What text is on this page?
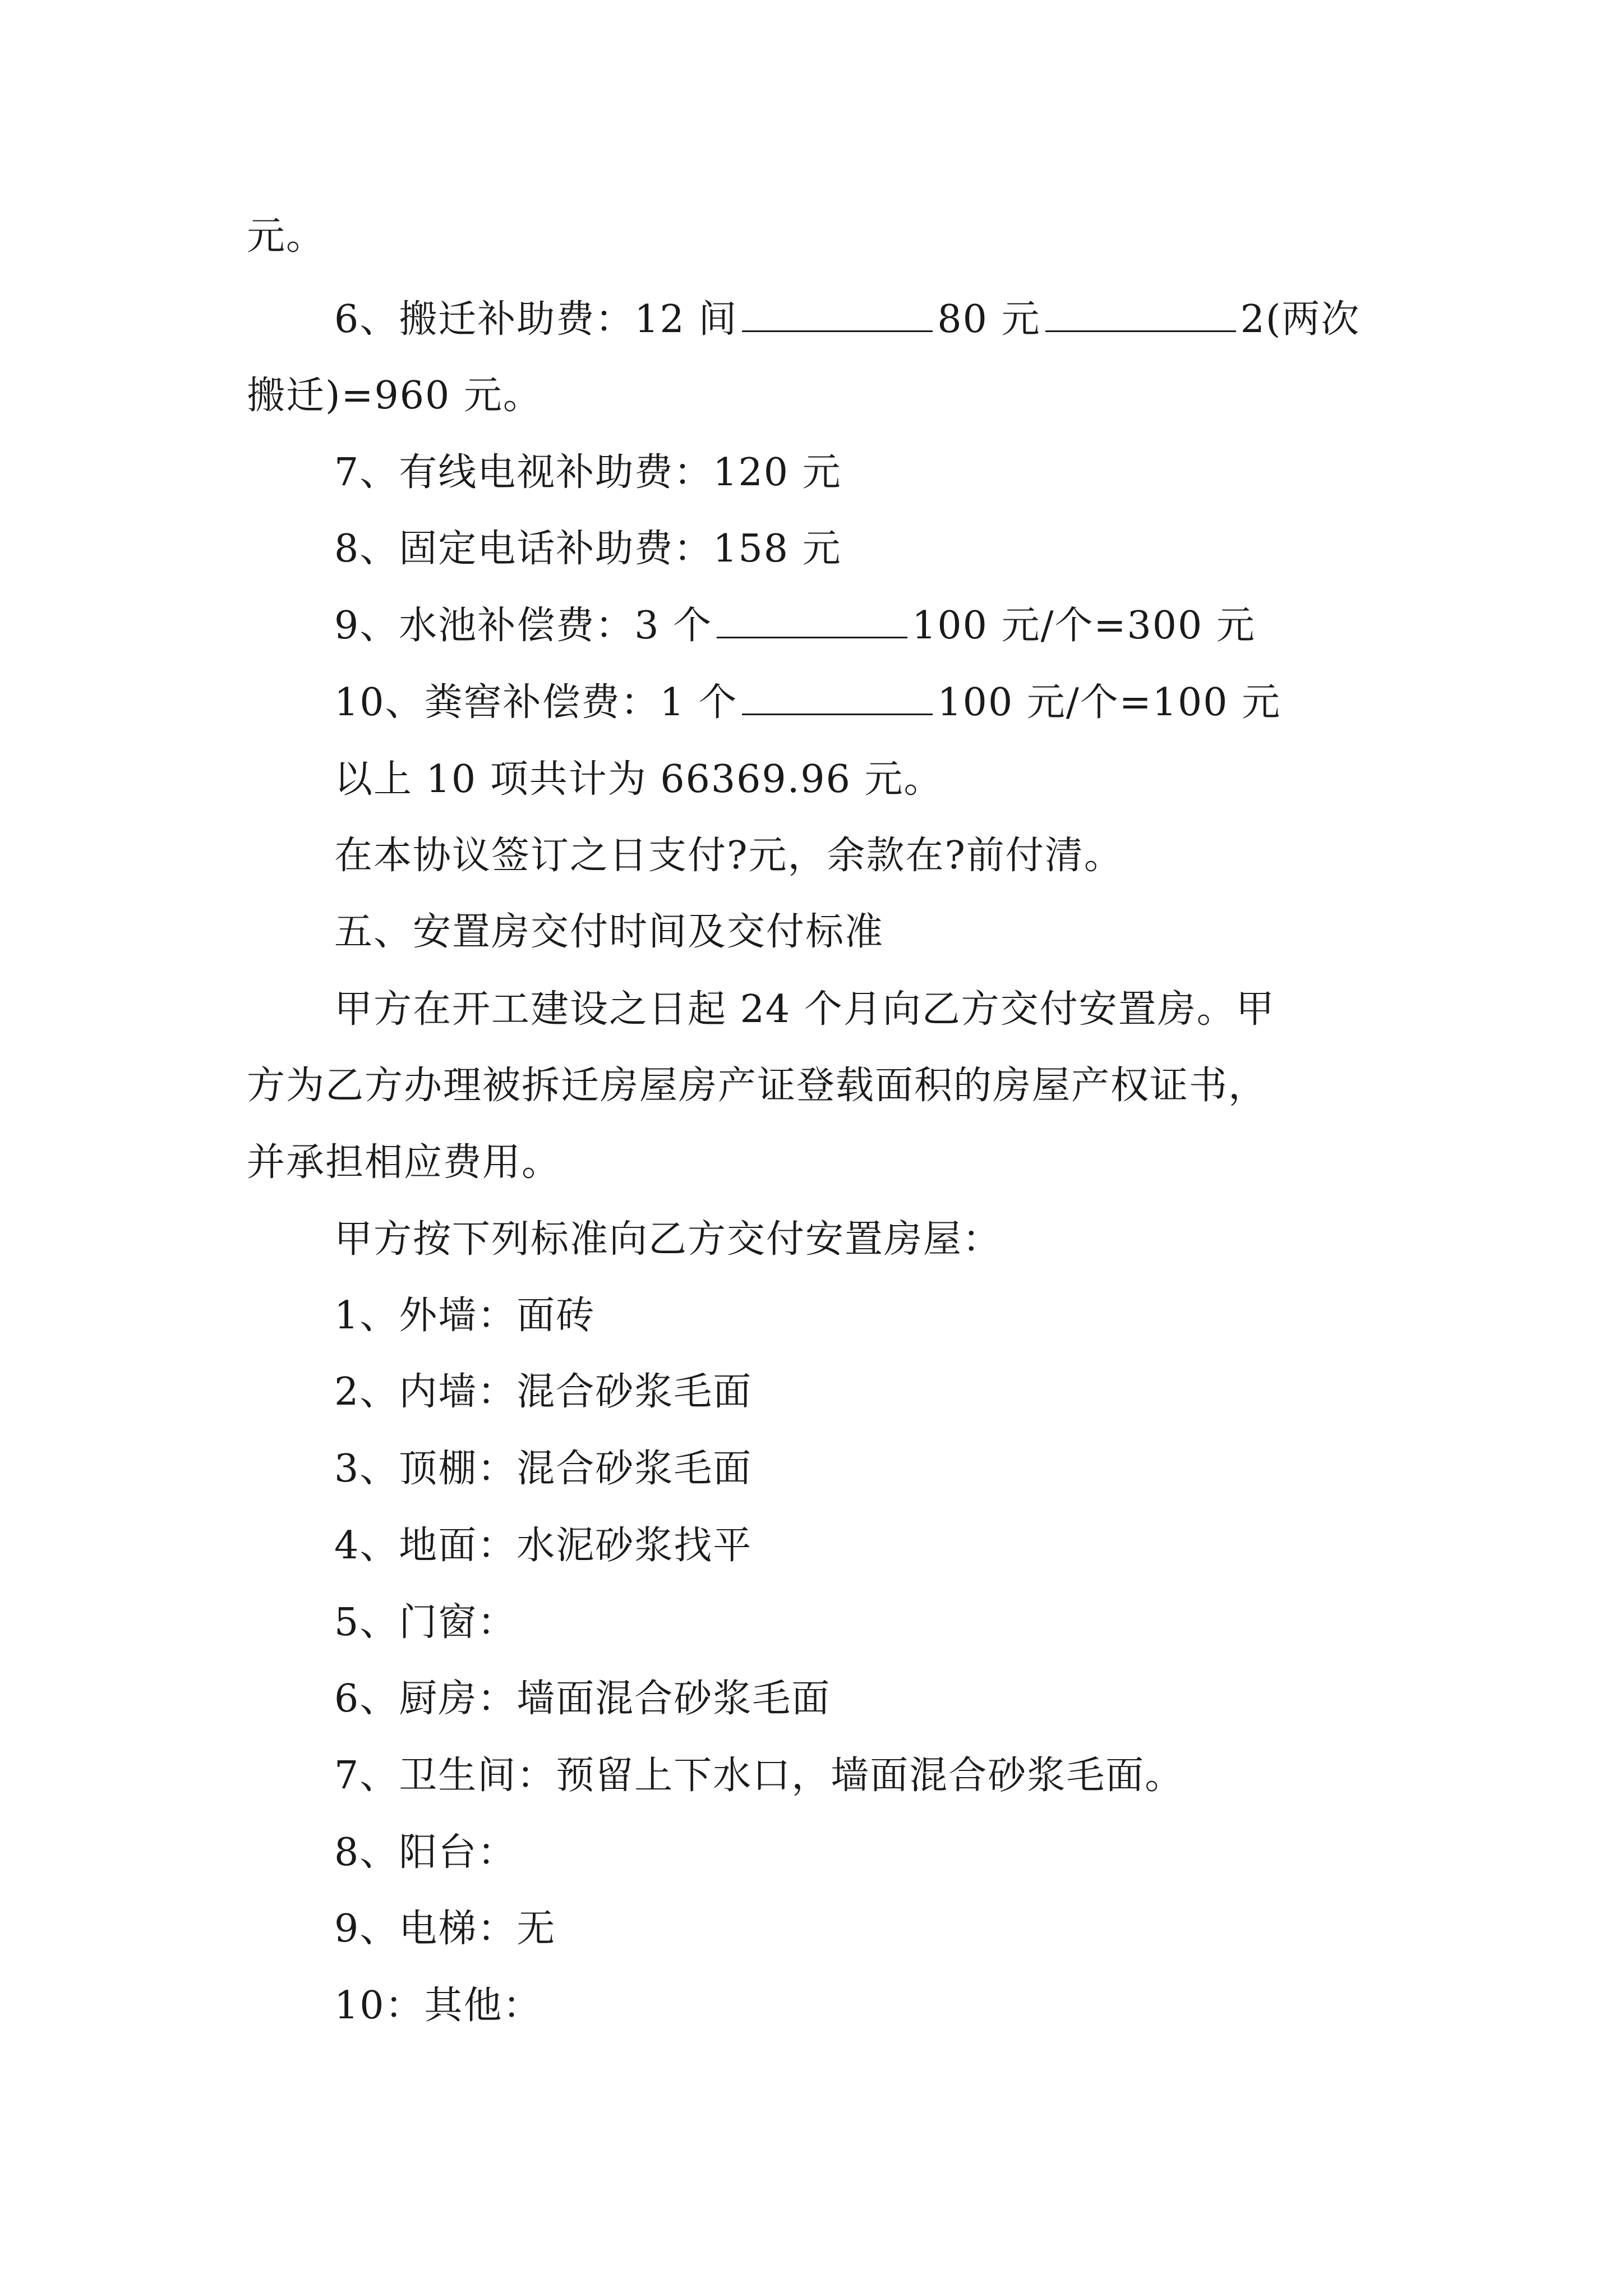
元。
6、搬迁补助费：12 间	80 元	2(两次
搬迁)=960 元。
7、有线电视补助费：120 元
8、固定电话补助费：158 元
9、水池补偿费：3 个	100 元/个=300 元
10、粪窖补偿费：1 个	100 元/个=100 元
以上 10 项共计为 66369.96 元。
在本协议签订之日支付?元，余款在?前付清。
五、安置房交付时间及交付标准
甲方在开工建设之日起 24 个月向乙方交付安置房。甲
方为乙方办理被拆迁房屋房产证登载面积的房屋产权证书，
并承担相应费用。
甲方按下列标准向乙方交付安置房屋：
1、外墙：面砖
2、内墙：混合砂浆毛面
3、顶棚：混合砂浆毛面
4、地面：水泥砂浆找平
5、门窗：
6、厨房：墙面混合砂浆毛面
7、卫生间：预留上下水口，墙面混合砂浆毛面。
8、阳台：
9、电梯：无
10：其他：
